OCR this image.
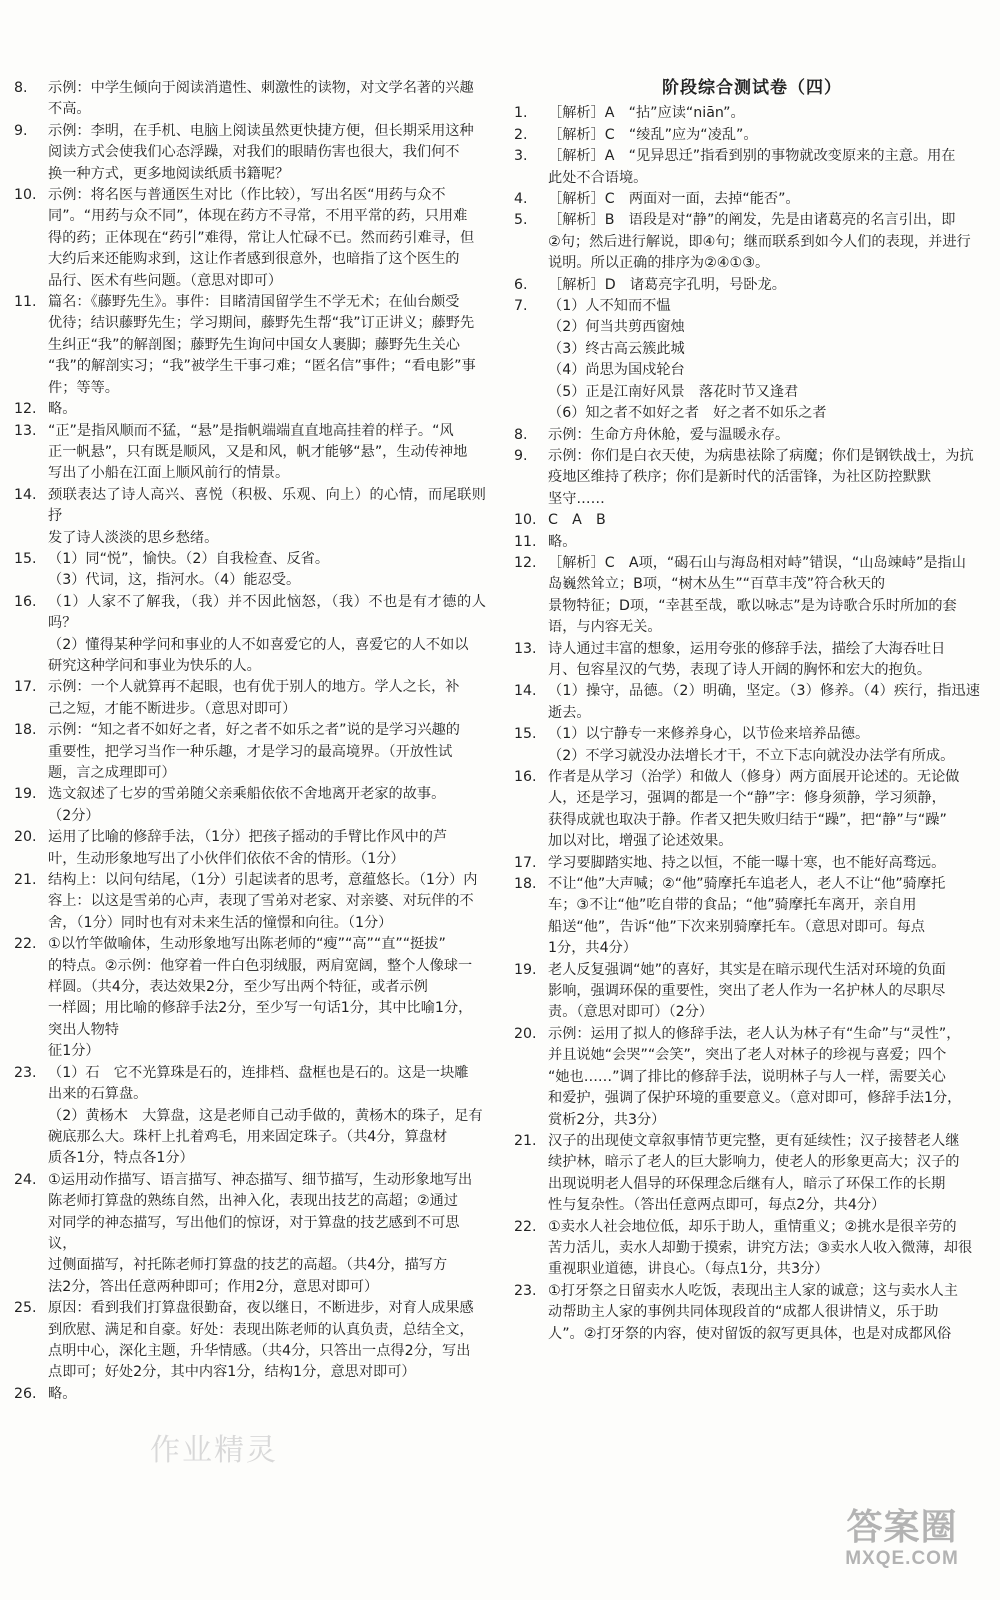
8.	示例：中学生倾向于阅读消遣性、刺激性的读物，对文学名著的兴趣
不高。
9.	示例：李明，在手机、电脑上阅读虽然更快捷方便，但长期采用这种
阅读方式会使我们心态浮躁，对我们的眼睛伤害也很大，我们何不
换一种方式，更多地阅读纸质书籍呢？
10. 示例：将名医与普通医生对比（作比较），写出名医“用药与众不
同”。“用药与众不同”，体现在药方不寻常，不用平常的药，只用难
得的药；正体现在“药引”难得，常让人忙碌不已。然而药引难寻，但
大约后来还能购求到，这让作者感到很意外，也暗指了这个医生的
品行、医术有些问题。（意思对即可）
11. 篇名：《藤野先生》。事件：目睹清国留学生不学无术；在仙台颇受
优待；结识藤野先生；学习期间，藤野先生帮“我”订正讲义；藤野先
生纠正“我”的解剖图；藤野先生询问中国女人裹脚；藤野先生关心
“我”的解剖实习；“我”被学生干事刁难；“匿名信”事件；“看电影”事
件；等等。
12. 略。
13. “正”是指风顺而不猛，“悬”是指帆端端直直地高挂着的样子。“风
正一帆悬”，只有既是顺风，又是和风，帆才能够“悬”，生动传神地
写出了小船在江面上顺风前行的情景。
14. 颈联表达了诗人高兴、喜悦（积极、乐观、向上）的心情，而尾联则抒
发了诗人淡淡的思乡愁绪。
15. （1）同“悦”，愉快。（2）自我检查、反省。
（3）代词，这，指河水。（4）能忍受。
16. （1）人家不了解我，（我）并不因此恼怒，（我）不也是有才德的人吗？
（2）懂得某种学问和事业的人不如喜爱它的人，喜爱它的人不如以
研究这种学问和事业为快乐的人。
17. 示例：一个人就算再不起眼，也有优于别人的地方。学人之长，补
己之短，才能不断进步。（意思对即可）
18. 示例：“知之者不如好之者，好之者不如乐之者”说的是学习兴趣的
重要性，把学习当作一种乐趣，才是学习的最高境界。（开放性试
题，言之成理即可）
19. 选文叙述了七岁的雪弟随父亲乘船依依不舍地离开老家的故事。
（2分）
20. 运用了比喻的修辞手法，（1分）把孩子摇动的手臂比作风中的芦
叶，生动形象地写出了小伙伴们依依不舍的情形。（1分）
21. 结构上：以问句结尾，（1分）引起读者的思考，意蕴悠长。（1分）内
容上：以这是雪弟的心声，表现了雪弟对老家、对亲婆、对玩伴的不
舍，（1分）同时也有对未来生活的憧憬和向往。（1分）
22. ①以竹竿做喻体，生动形象地写出陈老师的“瘦”“高”“直”“挺拔”
的特点。②示例：他穿着一件白色羽绒服，两肩宽阔，整个人像球一
样圆。（共4分，表达效果2分，至少写出两个特征，或者示例
一样圆；用比喻的修辞手法2分，至少写一句话1分，其中比喻1分，突出人物特
征1分）
23. （1）石　它不光算珠是石的，连排档、盘框也是石的。这是一块雕
出来的石算盘。
（2）黄杨木　大算盘，这是老师自己动手做的，黄杨木的珠子，足有
碗底那么大。珠杆上扎着鸡毛，用来固定珠子。（共4分，算盘材
质各1分，特点各1分）
24. ①运用动作描写、语言描写、神态描写、细节描写，生动形象地写出
陈老师打算盘的熟练自然，出神入化，表现出技艺的高超；②通过
对同学的神态描写，写出他们的惊讶，对于算盘的技艺感到不可思议，
过侧面描写，衬托陈老师打算盘的技艺的高超。（共4分，描写方
法2分，答出任意两种即可；作用2分，意思对即可）
25. 原因：看到我们打算盘很勤奋，夜以继日，不断进步，对育人成果感
到欣慰、满足和自豪。好处：表现出陈老师的认真负责，总结全文，
点明中心，深化主题，升华情感。（共4分，只答出一点得2分，写出
点即可；好处2分，其中内容1分，结构1分，意思对即可）
26. 略。
阶段综合测试卷（四）
1.	［解析］A　“拈”应读“niān”。
2.	［解析］C　“绫乱”应为“凌乱”。
3.	［解析］A　“见异思迁”指看到别的事物就改变原来的主意。用在
此处不合语境。
4.	［解析］C　两面对一面，去掉“能否”。
5.	［解析］B　语段是对“静”的阐发，先是由诸葛亮的名言引出，即
②句；然后进行解说，即④句；继而联系到如今人们的表现，并进行
说明。所以正确的排序为②④①③。
6.	［解析］D　诸葛亮字孔明，号卧龙。
7.	（1）人不知而不愠
（2）何当共剪西窗烛
（3）终古高云簇此城
（4）尚思为国戍轮台
（5）正是江南好风景　落花时节又逢君
（6）知之者不如好之者　好之者不如乐之者
8.	示例：生命方舟休舱，爱与温暖永存。
9.	示例：你们是白衣天使，为病患祛除了病魔；你们是钢铁战士，为抗
疫地区维持了秩序；你们是新时代的活雷锋，为社区防控默默
坚守……
10. C　A　B
11. 略。
12. ［解析］C　A项，“碣石山与海岛相对峙”错误，“山岛竦峙”是指山
岛巍然耸立；B项，“树木丛生”“百草丰茂”符合秋天的
景物特征；D项，“幸甚至哉，歌以咏志”是为诗歌合乐时所加的套
语，与内容无关。
13. 诗人通过丰富的想象，运用夸张的修辞手法，描绘了大海吞吐日
月、包容星汉的气势，表现了诗人开阔的胸怀和宏大的抱负。
14. （1）操守，品德。（2）明确，坚定。（3）修养。（4）疾行，指迅速逝去。
15. （1）以宁静专一来修养身心，以节俭来培养品德。
（2）不学习就没办法增长才干，不立下志向就没办法学有所成。
16. 作者是从学习（治学）和做人（修身）两方面展开论述的。无论做
人，还是学习，强调的都是一个“静”字：修身须静，学习须静，
获得成就也取决于静。作者又把失败归结于“躁”，把“静”与“躁”
加以对比，增强了论述效果。
17. 学习要脚踏实地、持之以恒，不能一曝十寒，也不能好高骛远。
18. 不让“他”大声喊；②“他”骑摩托车追老人，老人不让“他”骑摩托
车；③不让“他”吃自带的食品；“他”骑摩托车离开，亲自用
船送“他”，告诉“他”下次来别骑摩托车。（意思对即可。每点
1分，共4分）
19. 老人反复强调“她”的喜好，其实是在暗示现代生活对环境的负面
影响，强调环保的重要性，突出了老人作为一名护林人的尽职尽
责。（意思对即可）（2分）
20. 示例：运用了拟人的修辞手法，老人认为林子有“生命”与“灵性”，
并且说她“会哭”“会笑”，突出了老人对林子的珍视与喜爱；四个
“她也……”调了排比的修辞手法，说明林子与人一样，需要关心
和爱护，强调了保护环境的重要意义。（意对即可，修辞手法1分，
赏析2分，共3分）
21. 汉子的出现使文章叙事情节更完整，更有延续性；汉子接替老人继
续护林，暗示了老人的巨大影响力，使老人的形象更高大；汉子的
出现说明老人倡导的环保理念后继有人，暗示了环保工作的长期
性与复杂性。（答出任意两点即可，每点2分，共4分）
22. ①卖水人社会地位低，却乐于助人，重情重义；②挑水是很辛劳的
苦力活儿，卖水人却勤于摸索，讲究方法；③卖水人收入微薄，却很
重视职业道德，讲良心。（每点1分，共3分）
23. ①打牙祭之日留卖水人吃饭，表现出主人家的诚意；这与卖水人主
动帮助主人家的事例共同体现段首的“成都人很讲情义，乐于助
人”。②打牙祭的内容，使对留饭的叙写更具体，也是对成都风俗
作业精灵
答案圈
MXQE.COM
